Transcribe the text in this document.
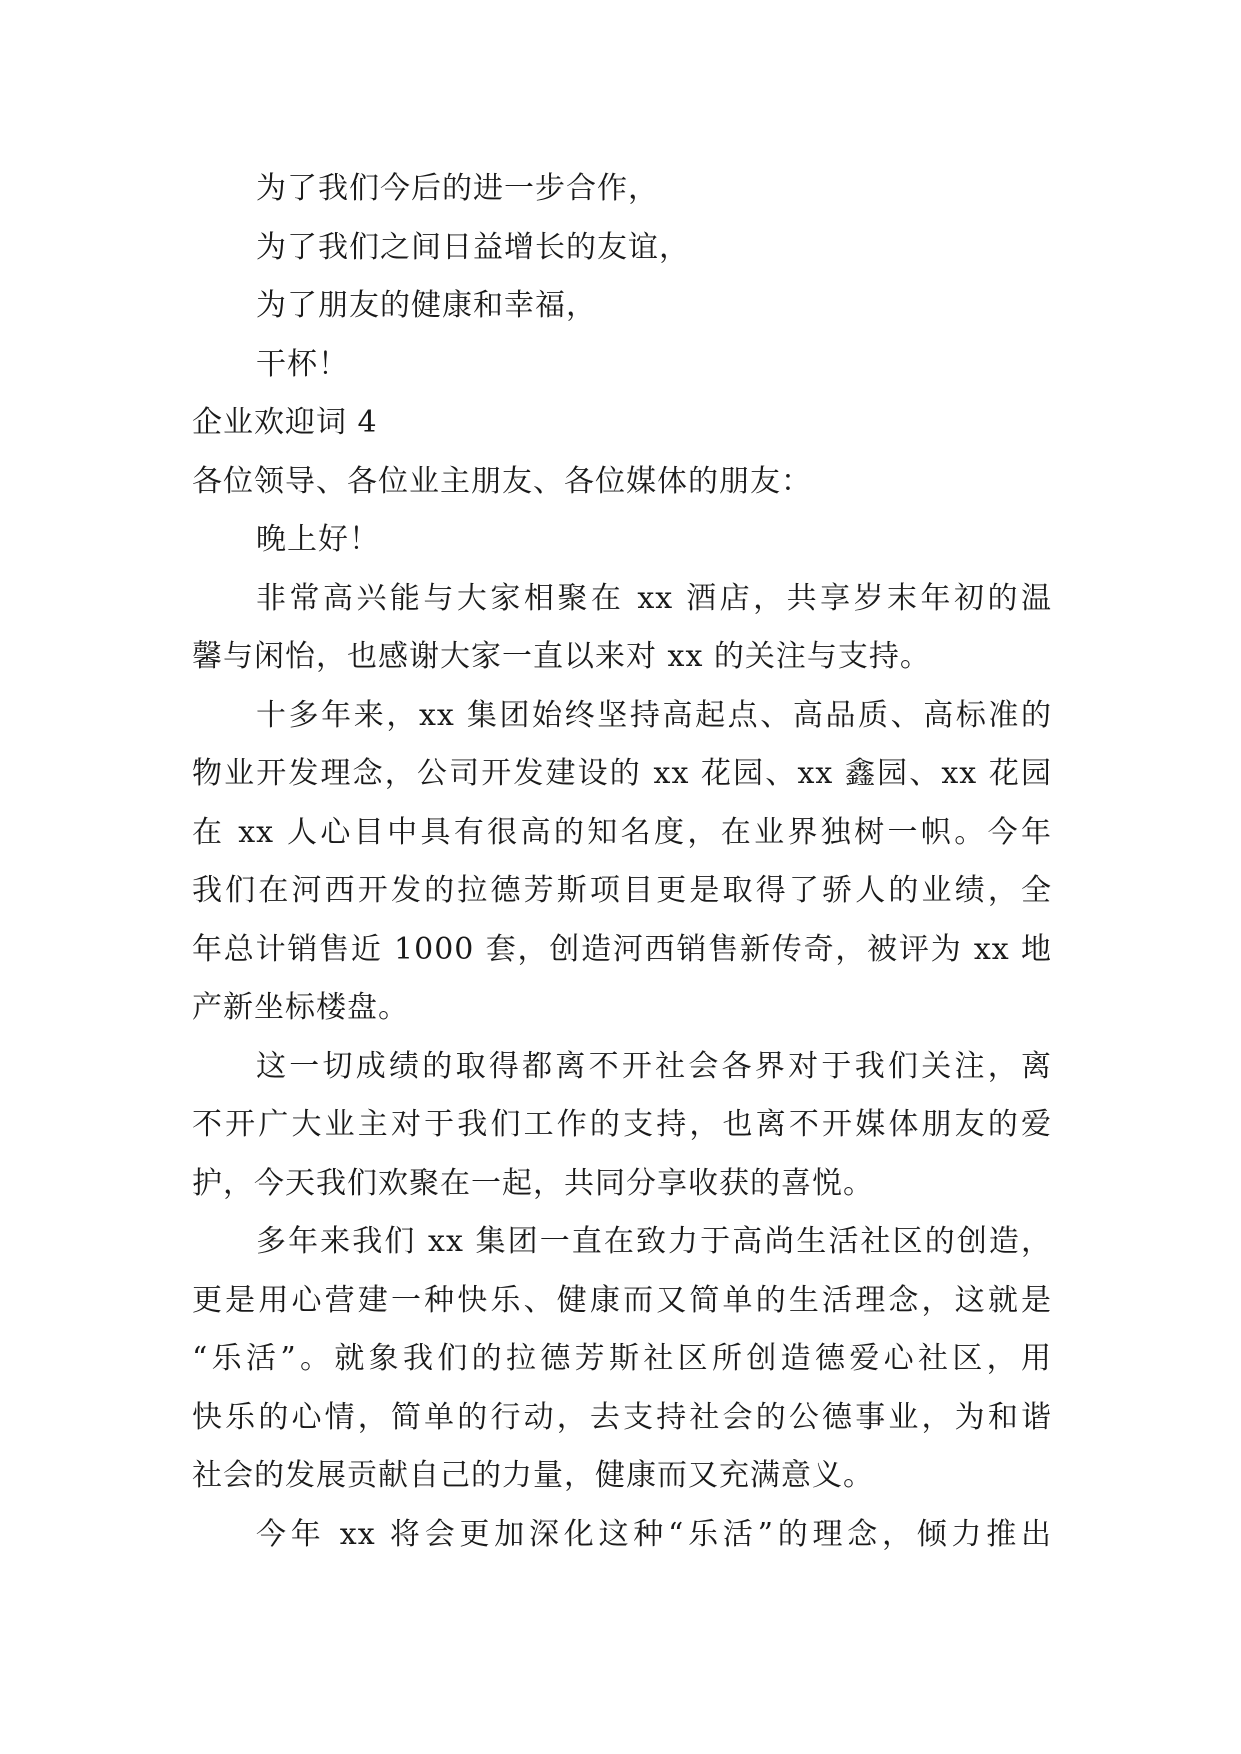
为了我们今后的进一步合作，
为了我们之间日益增长的友谊，
为了朋友的健康和幸福，
干杯！
企业欢迎词 4
各位领导、各位业主朋友、各位媒体的朋友：
晚上好！
非常高兴能与大家相聚在 xx 酒店，共享岁末年初的温
馨与闲怡，也感谢大家一直以来对 xx 的关注与支持。
十多年来，xx 集团始终坚持高起点、高品质、高标准的
物业开发理念，公司开发建设的 xx 花园、xx 鑫园、xx 花园
在 xx 人心目中具有很高的知名度，在业界独树一帜。今年
我们在河西开发的拉德芳斯项目更是取得了骄人的业绩，全
年总计销售近 1000 套，创造河西销售新传奇，被评为 xx 地
产新坐标楼盘。
这一切成绩的取得都离不开社会各界对于我们关注，离
不开广大业主对于我们工作的支持，也离不开媒体朋友的爱
护，今天我们欢聚在一起，共同分享收获的喜悦。
多年来我们 xx 集团一直在致力于高尚生活社区的创造，
更是用心营建一种快乐、健康而又简单的生活理念，这就是
“乐活”。就象我们的拉德芳斯社区所创造德爱心社区，用
快乐的心情，简单的行动，去支持社会的公德事业，为和谐
社会的发展贡献自己的力量，健康而又充满意义。
今年 xx 将会更加深化这种“乐活”的理念，倾力推出
